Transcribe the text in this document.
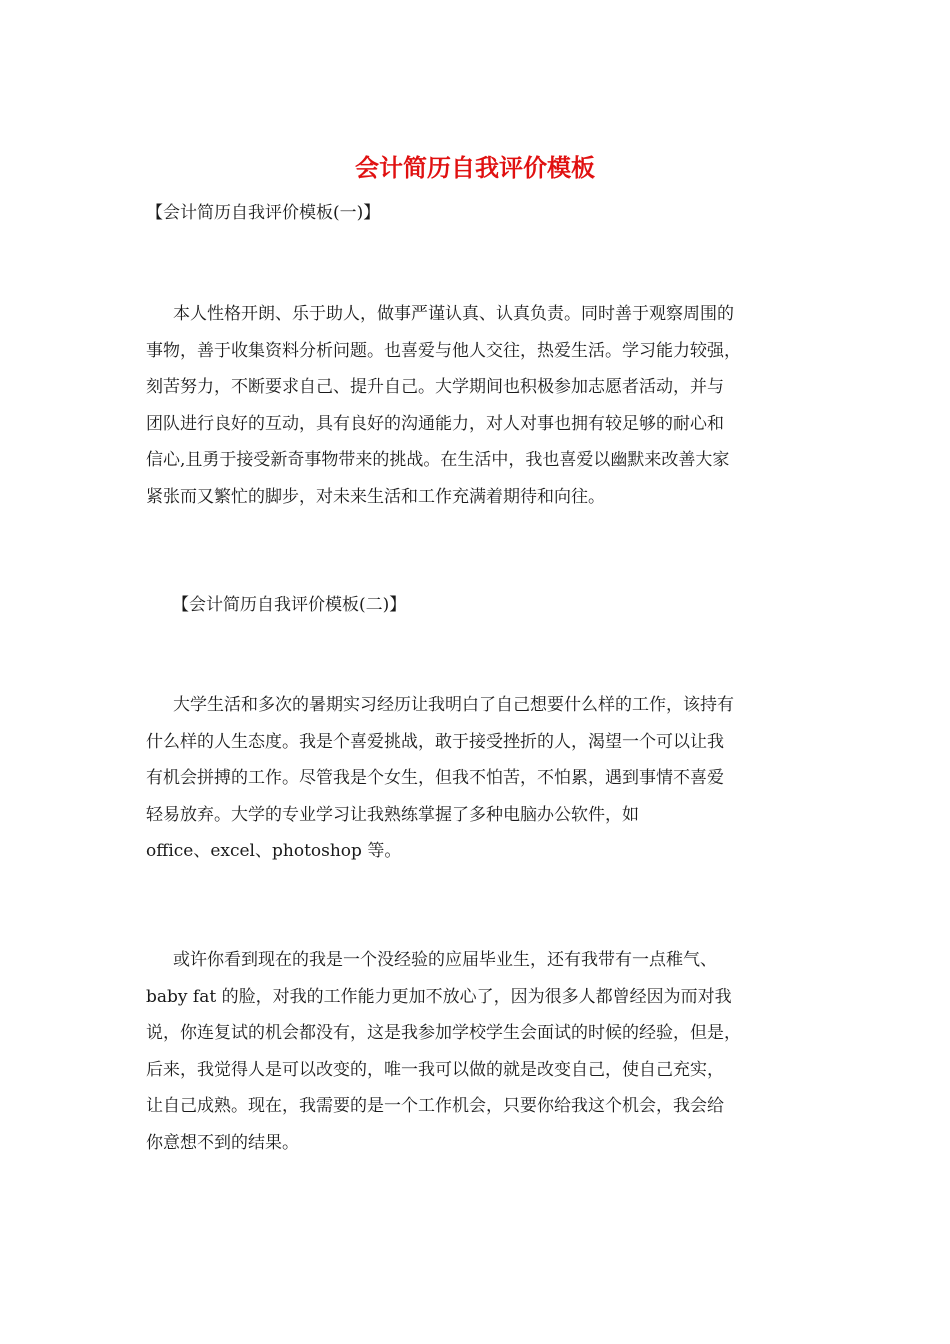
会计简历自我评价模板

【会计简历自我评价模板(一)】

本人性格开朗、乐于助人，做事严谨认真、认真负责。同时善于观察周围的
事物，善于收集资料分析问题。也喜爱与他人交往，热爱生活。学习能力较强，
刻苦努力，不断要求自己、提升自己。大学期间也积极参加志愿者活动，并与
团队进行良好的互动，具有良好的沟通能力，对人对事也拥有较足够的耐心和
信心,且勇于接受新奇事物带来的挑战。在生活中，我也喜爱以幽默来改善大家
紧张而又繁忙的脚步，对未来生活和工作充满着期待和向往。

【会计简历自我评价模板(二)】

大学生活和多次的暑期实习经历让我明白了自己想要什么样的工作，该持有
什么样的人生态度。我是个喜爱挑战，敢于接受挫折的人，渴望一个可以让我
有机会拼搏的工作。尽管我是个女生，但我不怕苦，不怕累，遇到事情不喜爱
轻易放弃。大学的专业学习让我熟练掌握了多种电脑办公软件，如
office、excel、photoshop 等。
或许你看到现在的我是一个没经验的应届毕业生，还有我带有一点稚气、
baby fat 的脸，对我的工作能力更加不放心了，因为很多人都曾经因为而对我
说，你连复试的机会都没有，这是我参加学校学生会面试的时候的经验，但是，
后来，我觉得人是可以改变的，唯一我可以做的就是改变自己，使自己充实，
让自己成熟。现在，我需要的是一个工作机会，只要你给我这个机会，我会给
你意想不到的结果。
